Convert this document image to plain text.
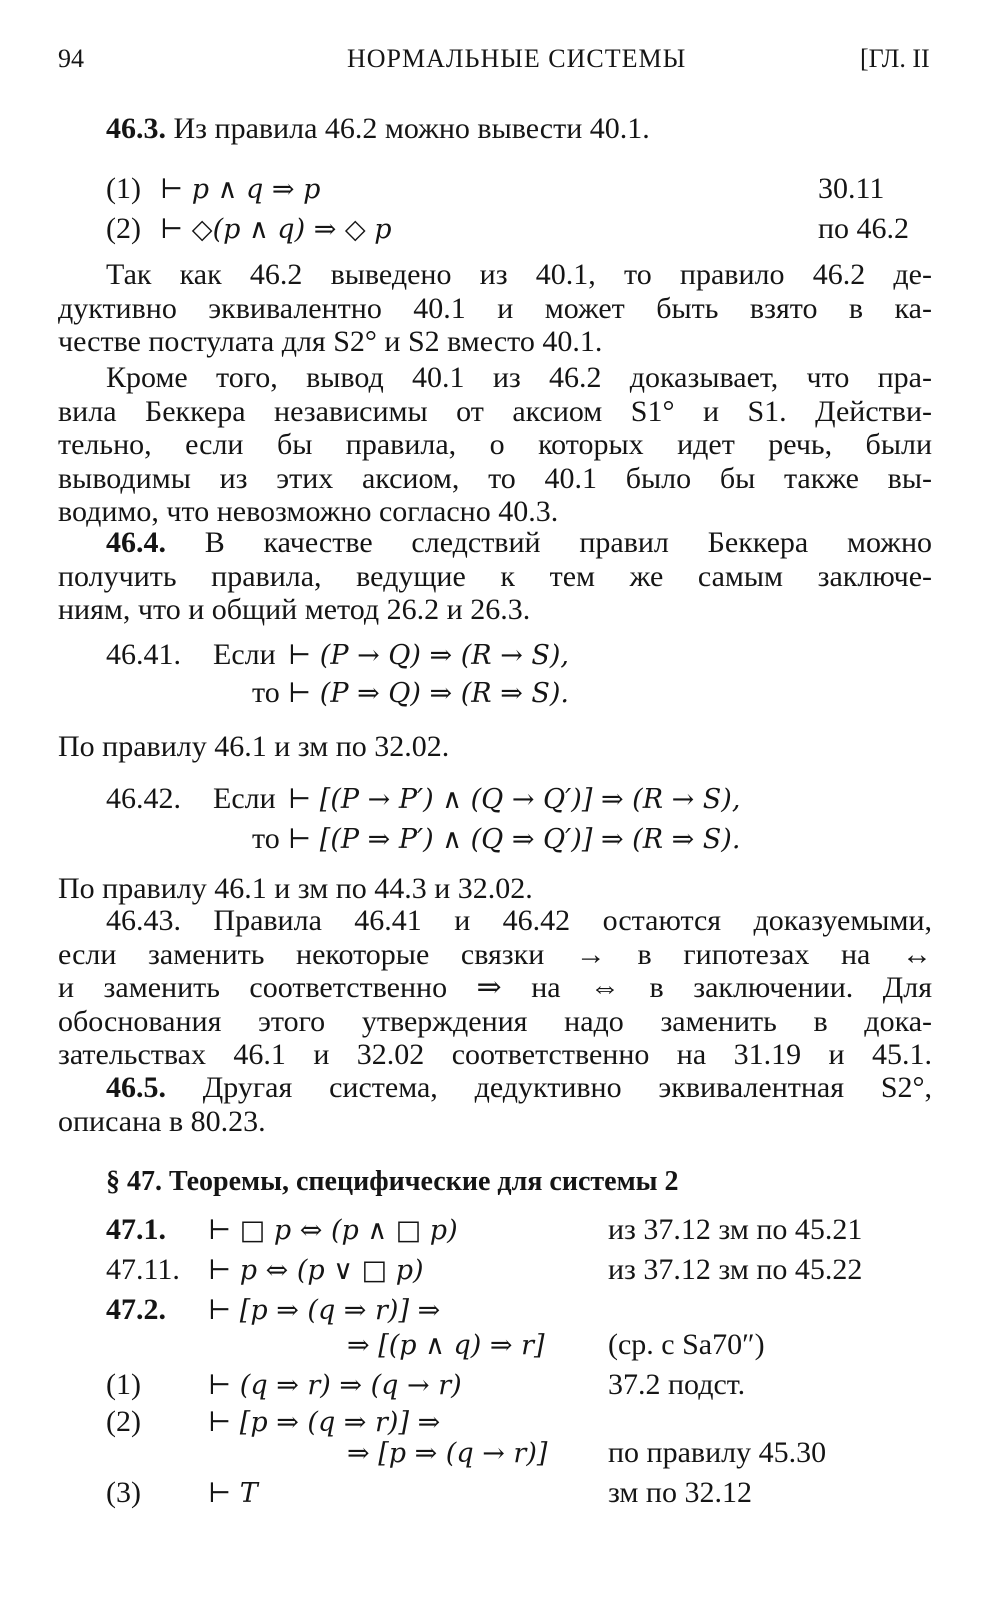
94	НОРМАЛЬНЫЕ СИСТЕМЫ	[ГЛ. II
46.3. Из правила 46.2 можно вывести 40.1.
(1) ⊢ p ∧ q ⇒ p	30.11
(2) ⊢ ◇(p ∧ q) ⇒ ◇ p	по 46.2
Так как 46.2 выведено из 40.1, то правило 46.2 де-
дуктивно эквивалентно 40.1 и может быть взято в ка-
честве постулата для S2° и S2 вместо 40.1.
Кроме того, вывод 40.1 из 46.2 доказывает, что пра-
вила Беккера независимы от аксиом S1° и S1. Действи-
тельно, если бы правила, о которых идет речь, были
выводимы из этих аксиом, то 40.1 было бы также вы-
водимо, что невозможно согласно 40.3.
46.4. В качестве следствий правил Беккера можно
получить правила, ведущие к тем же самым заключе-
ниям, что и общий метод 26.2 и 26.3.
46.41. Если ⊢ (P → Q) ⇒ (R → S),
то ⊢ (P ⇒ Q) ⇒ (R ⇒ S).
По правилу 46.1 и зм по 32.02.
46.42. Если ⊢ [(P → P′) ∧ (Q → Q′)] ⇒ (R → S),
то ⊢ [(P ⇒ P′) ∧ (Q ⇒ Q′)] ⇒ (R ⇒ S).
По правилу 46.1 и зм по 44.3 и 32.02.
46.43. Правила 46.41 и 46.42 остаются доказуемыми,
если заменить некоторые связки → в гипотезах на ↔
и заменить соответственно ⇒ на ⇔ в заключении. Для
обоснования этого утверждения надо заменить в дока-
зательствах 46.1 и 32.02 соответственно на 31.19 и 45.1.
46.5. Другая система, дедуктивно эквивалентная S2°,
описана в 80.23.
§ 47. Теоремы, специфические для системы 2
47.1. ⊢ □ p ⇔ (p ∧ □ p)	из 37.12 зм по 45.21
47.11. ⊢ p ⇔ (p ∨ □ p)	из 37.12 зм по 45.22
47.2. ⊢ [p ⇒ (q ⇒ r)] ⇒
⇒ [(p ∧ q) ⇒ r] (ср. с Sa70″)
(1) ⊢ (q ⇒ r) ⇒ (q → r)	37.2 подст.
(2) ⊢ [p ⇒ (q ⇒ r)] ⇒
⇒ [p ⇒ (q → r)] по правилу 45.30
(3) ⊢ T	зм по 32.12
